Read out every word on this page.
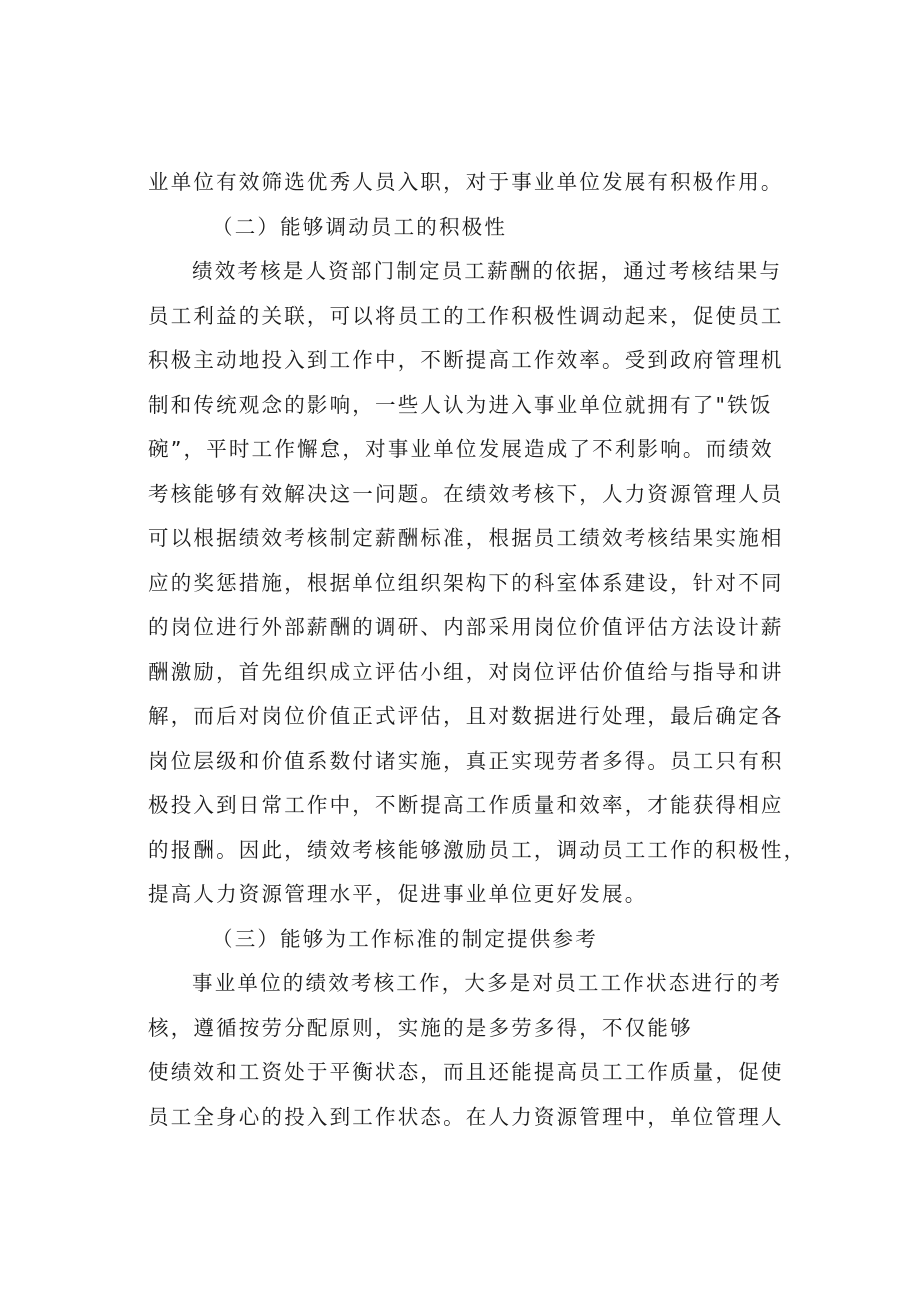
业单位有效筛选优秀人员入职，对于事业单位发展有积极作用。
（二）能够调动员工的积极性
绩效考核是人资部门制定员工薪酬的依据，通过考核结果与
员工利益的关联，可以将员工的工作积极性调动起来，促使员工
积极主动地投入到工作中，不断提高工作效率。受到政府管理机
制和传统观念的影响，一些人认为进入事业单位就拥有了"铁饭
碗”，平时工作懈怠，对事业单位发展造成了不利影响。而绩效
考核能够有效解决这一问题。在绩效考核下，人力资源管理人员
可以根据绩效考核制定薪酬标准，根据员工绩效考核结果实施相
应的奖惩措施，根据单位组织架构下的科室体系建设，针对不同
的岗位进行外部薪酬的调研、内部采用岗位价值评估方法设计薪
酬激励，首先组织成立评估小组，对岗位评估价值给与指导和讲
解，而后对岗位价值正式评估，且对数据进行处理，最后确定各
岗位层级和价值系数付诸实施，真正实现劳者多得。员工只有积
极投入到日常工作中，不断提高工作质量和效率，才能获得相应
的报酬。因此，绩效考核能够激励员工，调动员工工作的积极性，
提高人力资源管理水平，促进事业单位更好发展。
（三）能够为工作标准的制定提供参考
事业单位的绩效考核工作，大多是对员工工作状态进行的考
核，遵循按劳分配原则，实施的是多劳多得，不仅能够
使绩效和工资处于平衡状态，而且还能提高员工工作质量，促使
员工全身心的投入到工作状态。在人力资源管理中，单位管理人
